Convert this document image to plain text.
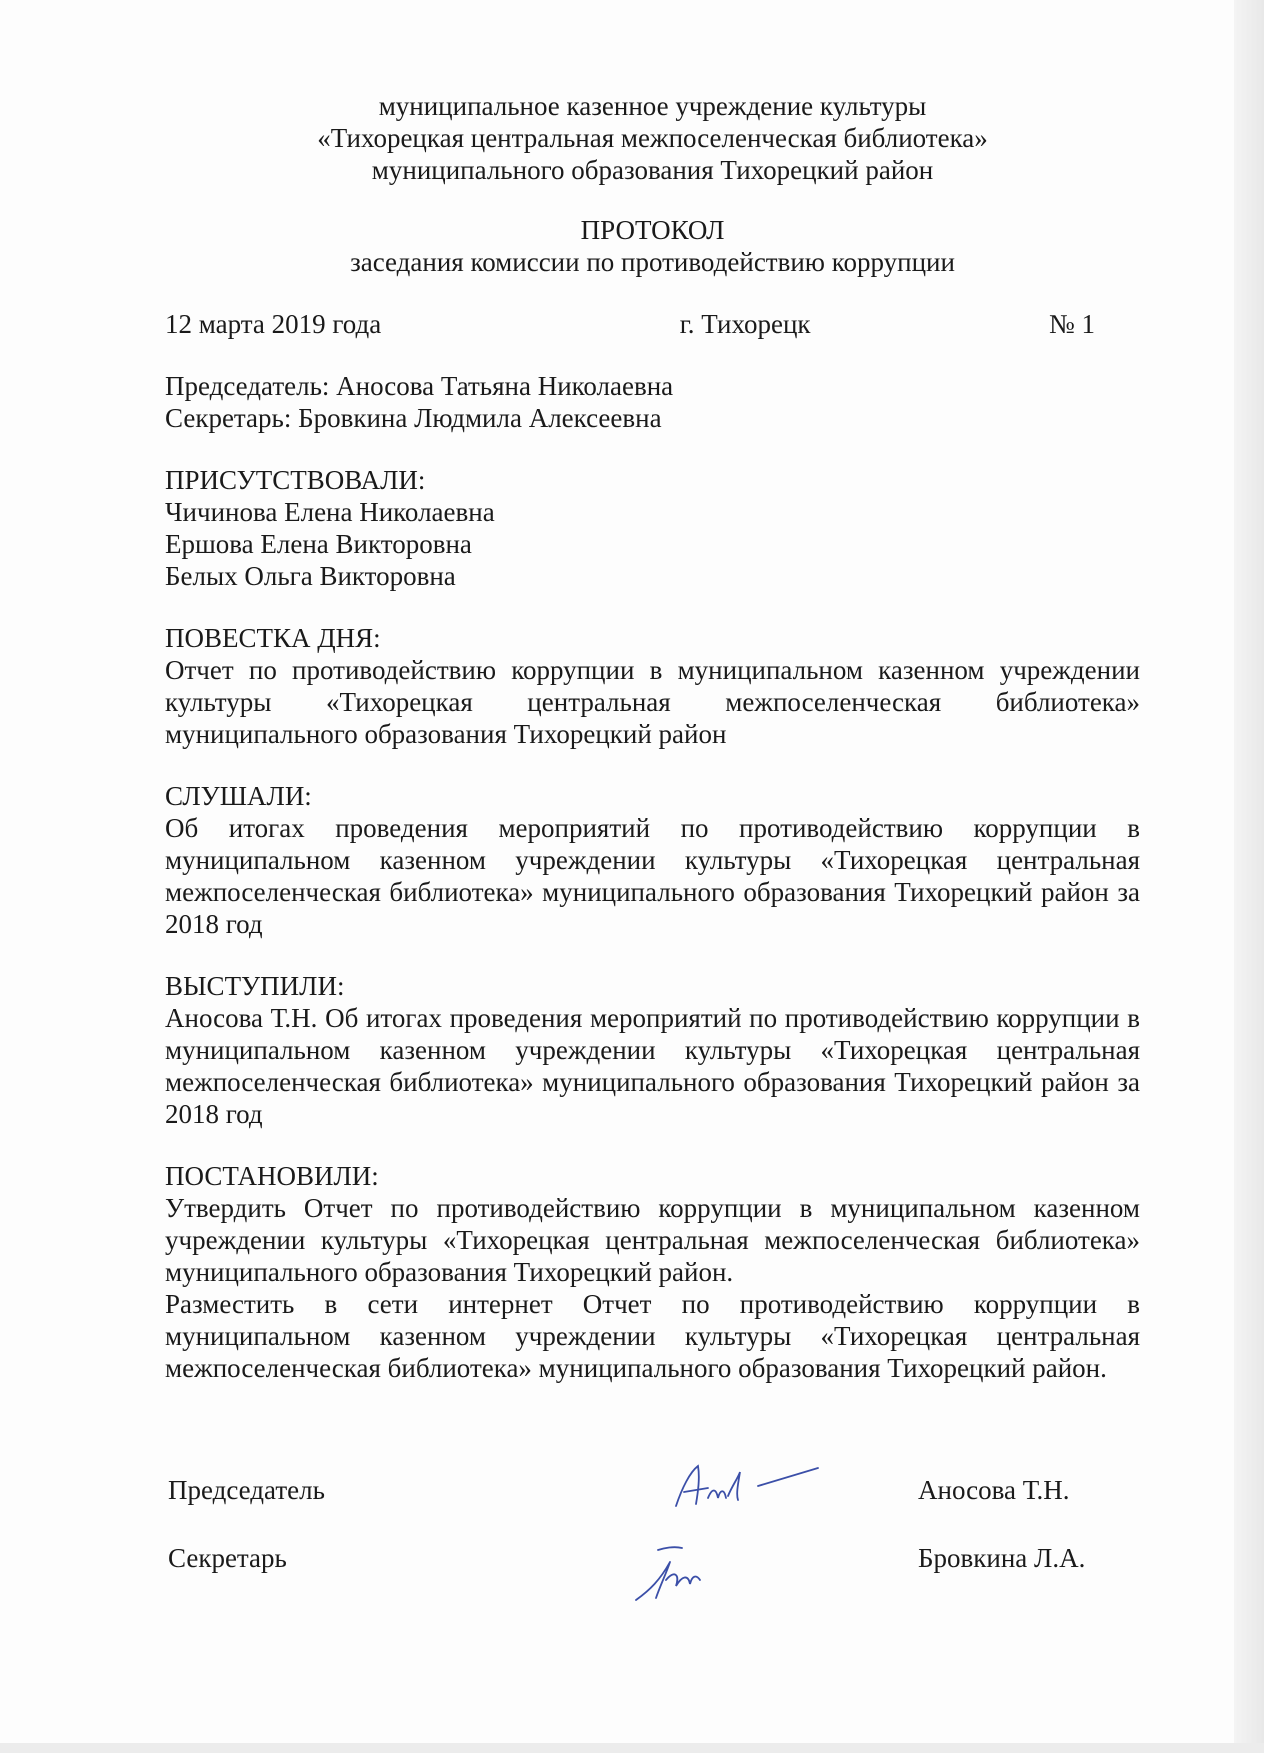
муниципальное казенное учреждение культуры
«Тихорецкая центральная межпоселенческая библиотека»
муниципального образования Тихорецкий район
ПРОТОКОЛ
заседания комиссии по противодействию коррупции
12 марта 2019 года	г. Тихорецк	№ 1

Председатель: Аносова Татьяна Николаевна

Секретарь: Бровкина Людмила Алексеевна

ПРИСУТСТВОВАЛИ:

Чичинова Елена Николаевна

Ершова Елена Викторовна

Белых Ольга Викторовна

ПОВЕСТКА ДНЯ:

Отчет по противодействию коррупции в муниципальном казенном учреждении культуры «Тихорецкая центральная межпоселенческая библиотека» муниципального образования Тихорецкий район

СЛУШАЛИ:

Об итогах проведения мероприятий по противодействию коррупции в муниципальном казенном учреждении культуры «Тихорецкая центральная межпоселенческая библиотека» муниципального образования Тихорецкий район за 2018 год

ВЫСТУПИЛИ:

Аносова Т.Н. Об итогах проведения мероприятий по противодействию коррупции в муниципальном казенном учреждении культуры «Тихорецкая центральная межпоселенческая библиотека» муниципального образования Тихорецкий район за 2018 год

ПОСТАНОВИЛИ:

Утвердить Отчет по противодействию коррупции в муниципальном казенном учреждении культуры «Тихорецкая центральная межпоселенческая библиотека» муниципального образования Тихорецкий район.

Разместить в сети интернет Отчет по противодействию коррупции в муниципальном казенном учреждении культуры «Тихорецкая центральная межпоселенческая библиотека» муниципального образования Тихорецкий район.

Председатель	Аносова Т.Н.
Секретарь	Бровкина Л.А.
